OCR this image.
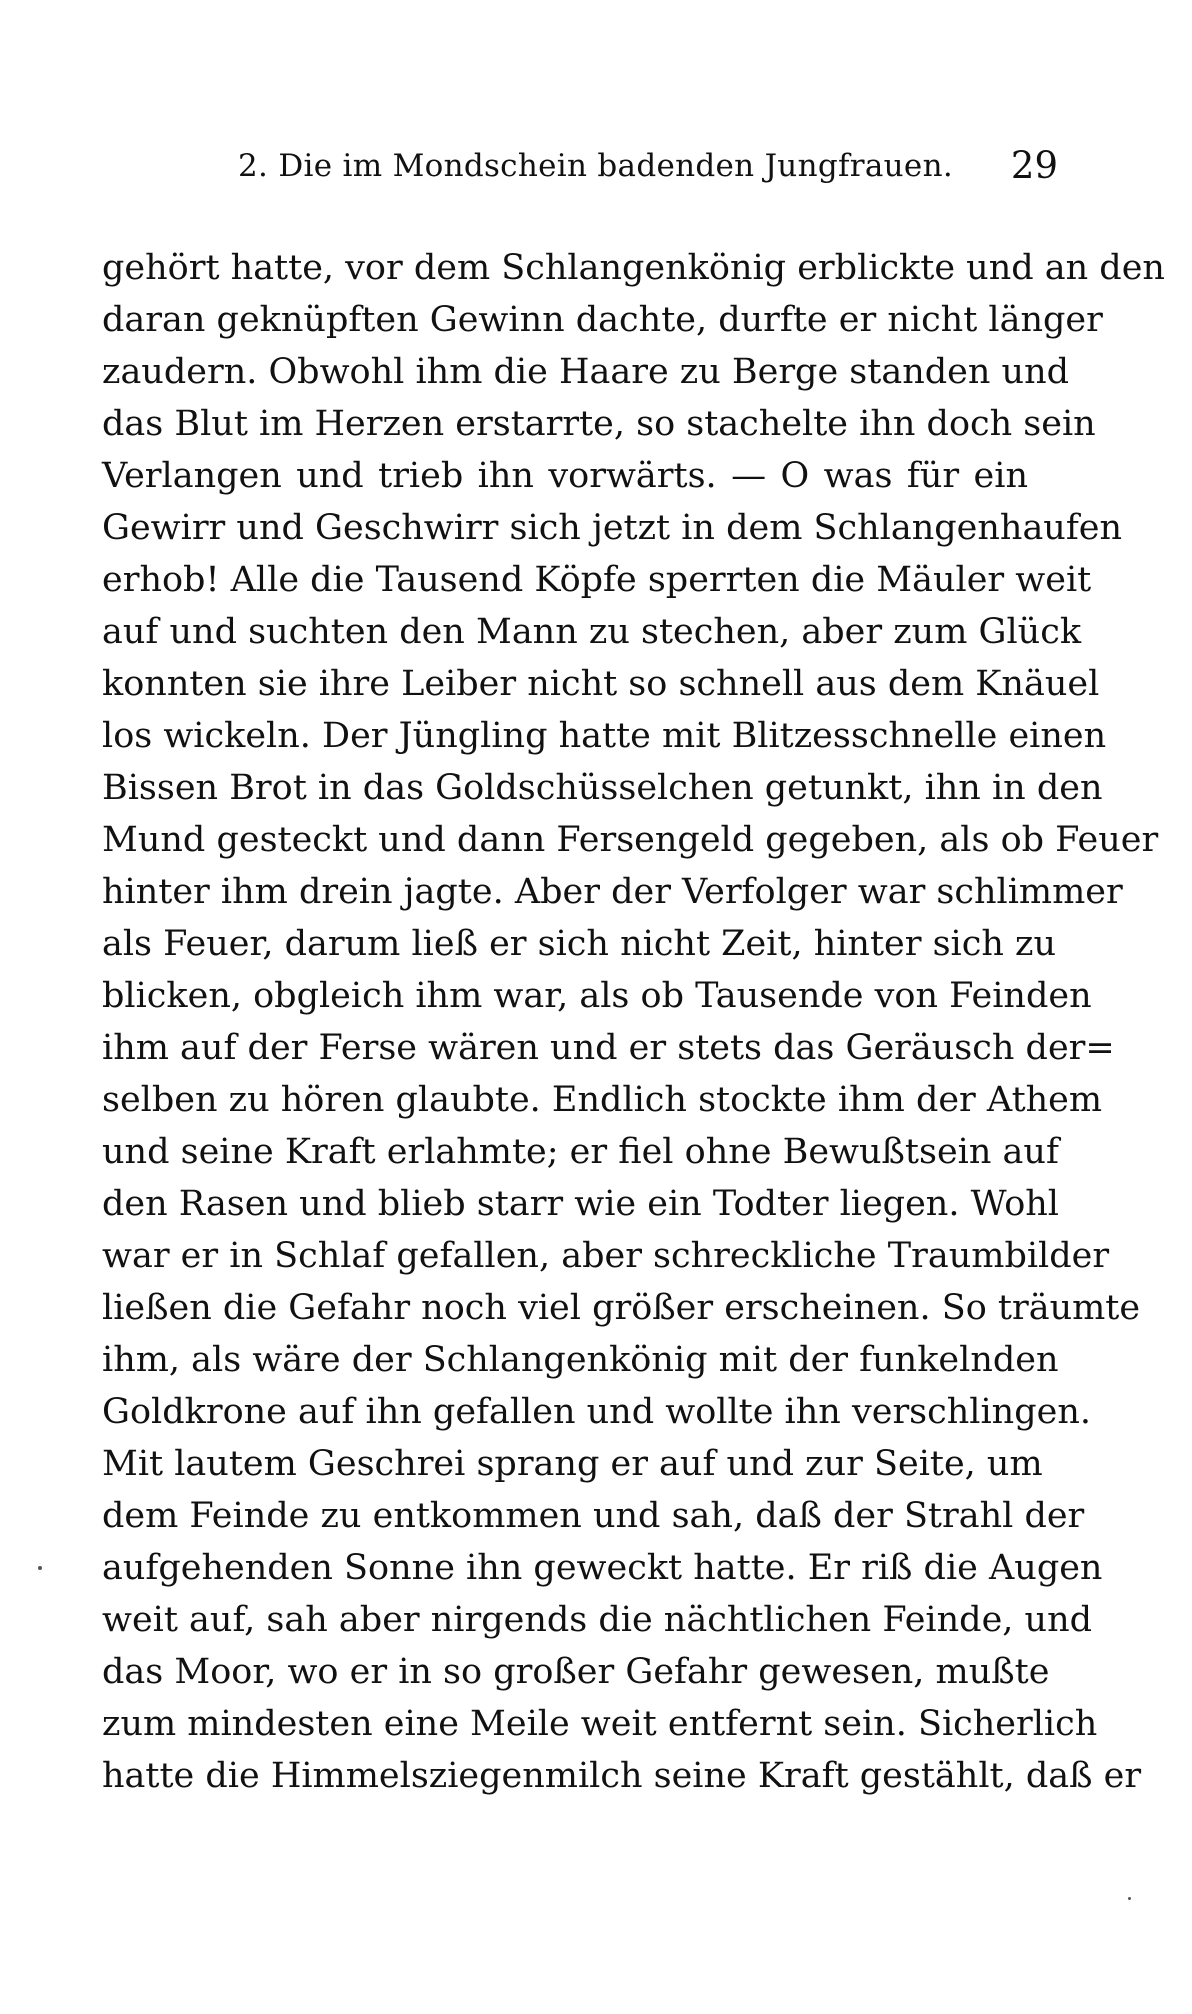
2. Die im Mondschein badenden Jungfrauen. 29
gehört hatte, vor dem Schlangenkönig erblickte und an den
daran geknüpften Gewinn dachte, durfte er nicht länger
zaudern. Obwohl ihm die Haare zu Berge standen und
das Blut im Herzen erstarrte, so stachelte ihn doch sein
Verlangen und trieb ihn vorwärts. — O was für ein
Gewirr und Geschwirr sich jetzt in dem Schlangenhaufen
erhob! Alle die Tausend Köpfe sperrten die Mäuler weit
auf und suchten den Mann zu stechen, aber zum Glück
konnten sie ihre Leiber nicht so schnell aus dem Knäuel
los wickeln. Der Jüngling hatte mit Blitzesschnelle einen
Bissen Brot in das Goldschüsselchen getunkt, ihn in den
Mund gesteckt und dann Fersengeld gegeben, als ob Feuer
hinter ihm drein jagte. Aber der Verfolger war schlimmer
als Feuer, darum ließ er sich nicht Zeit, hinter sich zu
blicken, obgleich ihm war, als ob Tausende von Feinden
ihm auf der Ferse wären und er stets das Geräusch der=
selben zu hören glaubte. Endlich stockte ihm der Athem
und seine Kraft erlahmte; er fiel ohne Bewußtsein auf
den Rasen und blieb starr wie ein Todter liegen. Wohl
war er in Schlaf gefallen, aber schreckliche Traumbilder
ließen die Gefahr noch viel größer erscheinen. So träumte
ihm, als wäre der Schlangenkönig mit der funkelnden
Goldkrone auf ihn gefallen und wollte ihn verschlingen.
Mit lautem Geschrei sprang er auf und zur Seite, um
dem Feinde zu entkommen und sah, daß der Strahl der
aufgehenden Sonne ihn geweckt hatte. Er riß die Augen
weit auf, sah aber nirgends die nächtlichen Feinde, und
das Moor, wo er in so großer Gefahr gewesen, mußte
zum mindesten eine Meile weit entfernt sein. Sicherlich
hatte die Himmelsziegenmilch seine Kraft gestählt, daß er
